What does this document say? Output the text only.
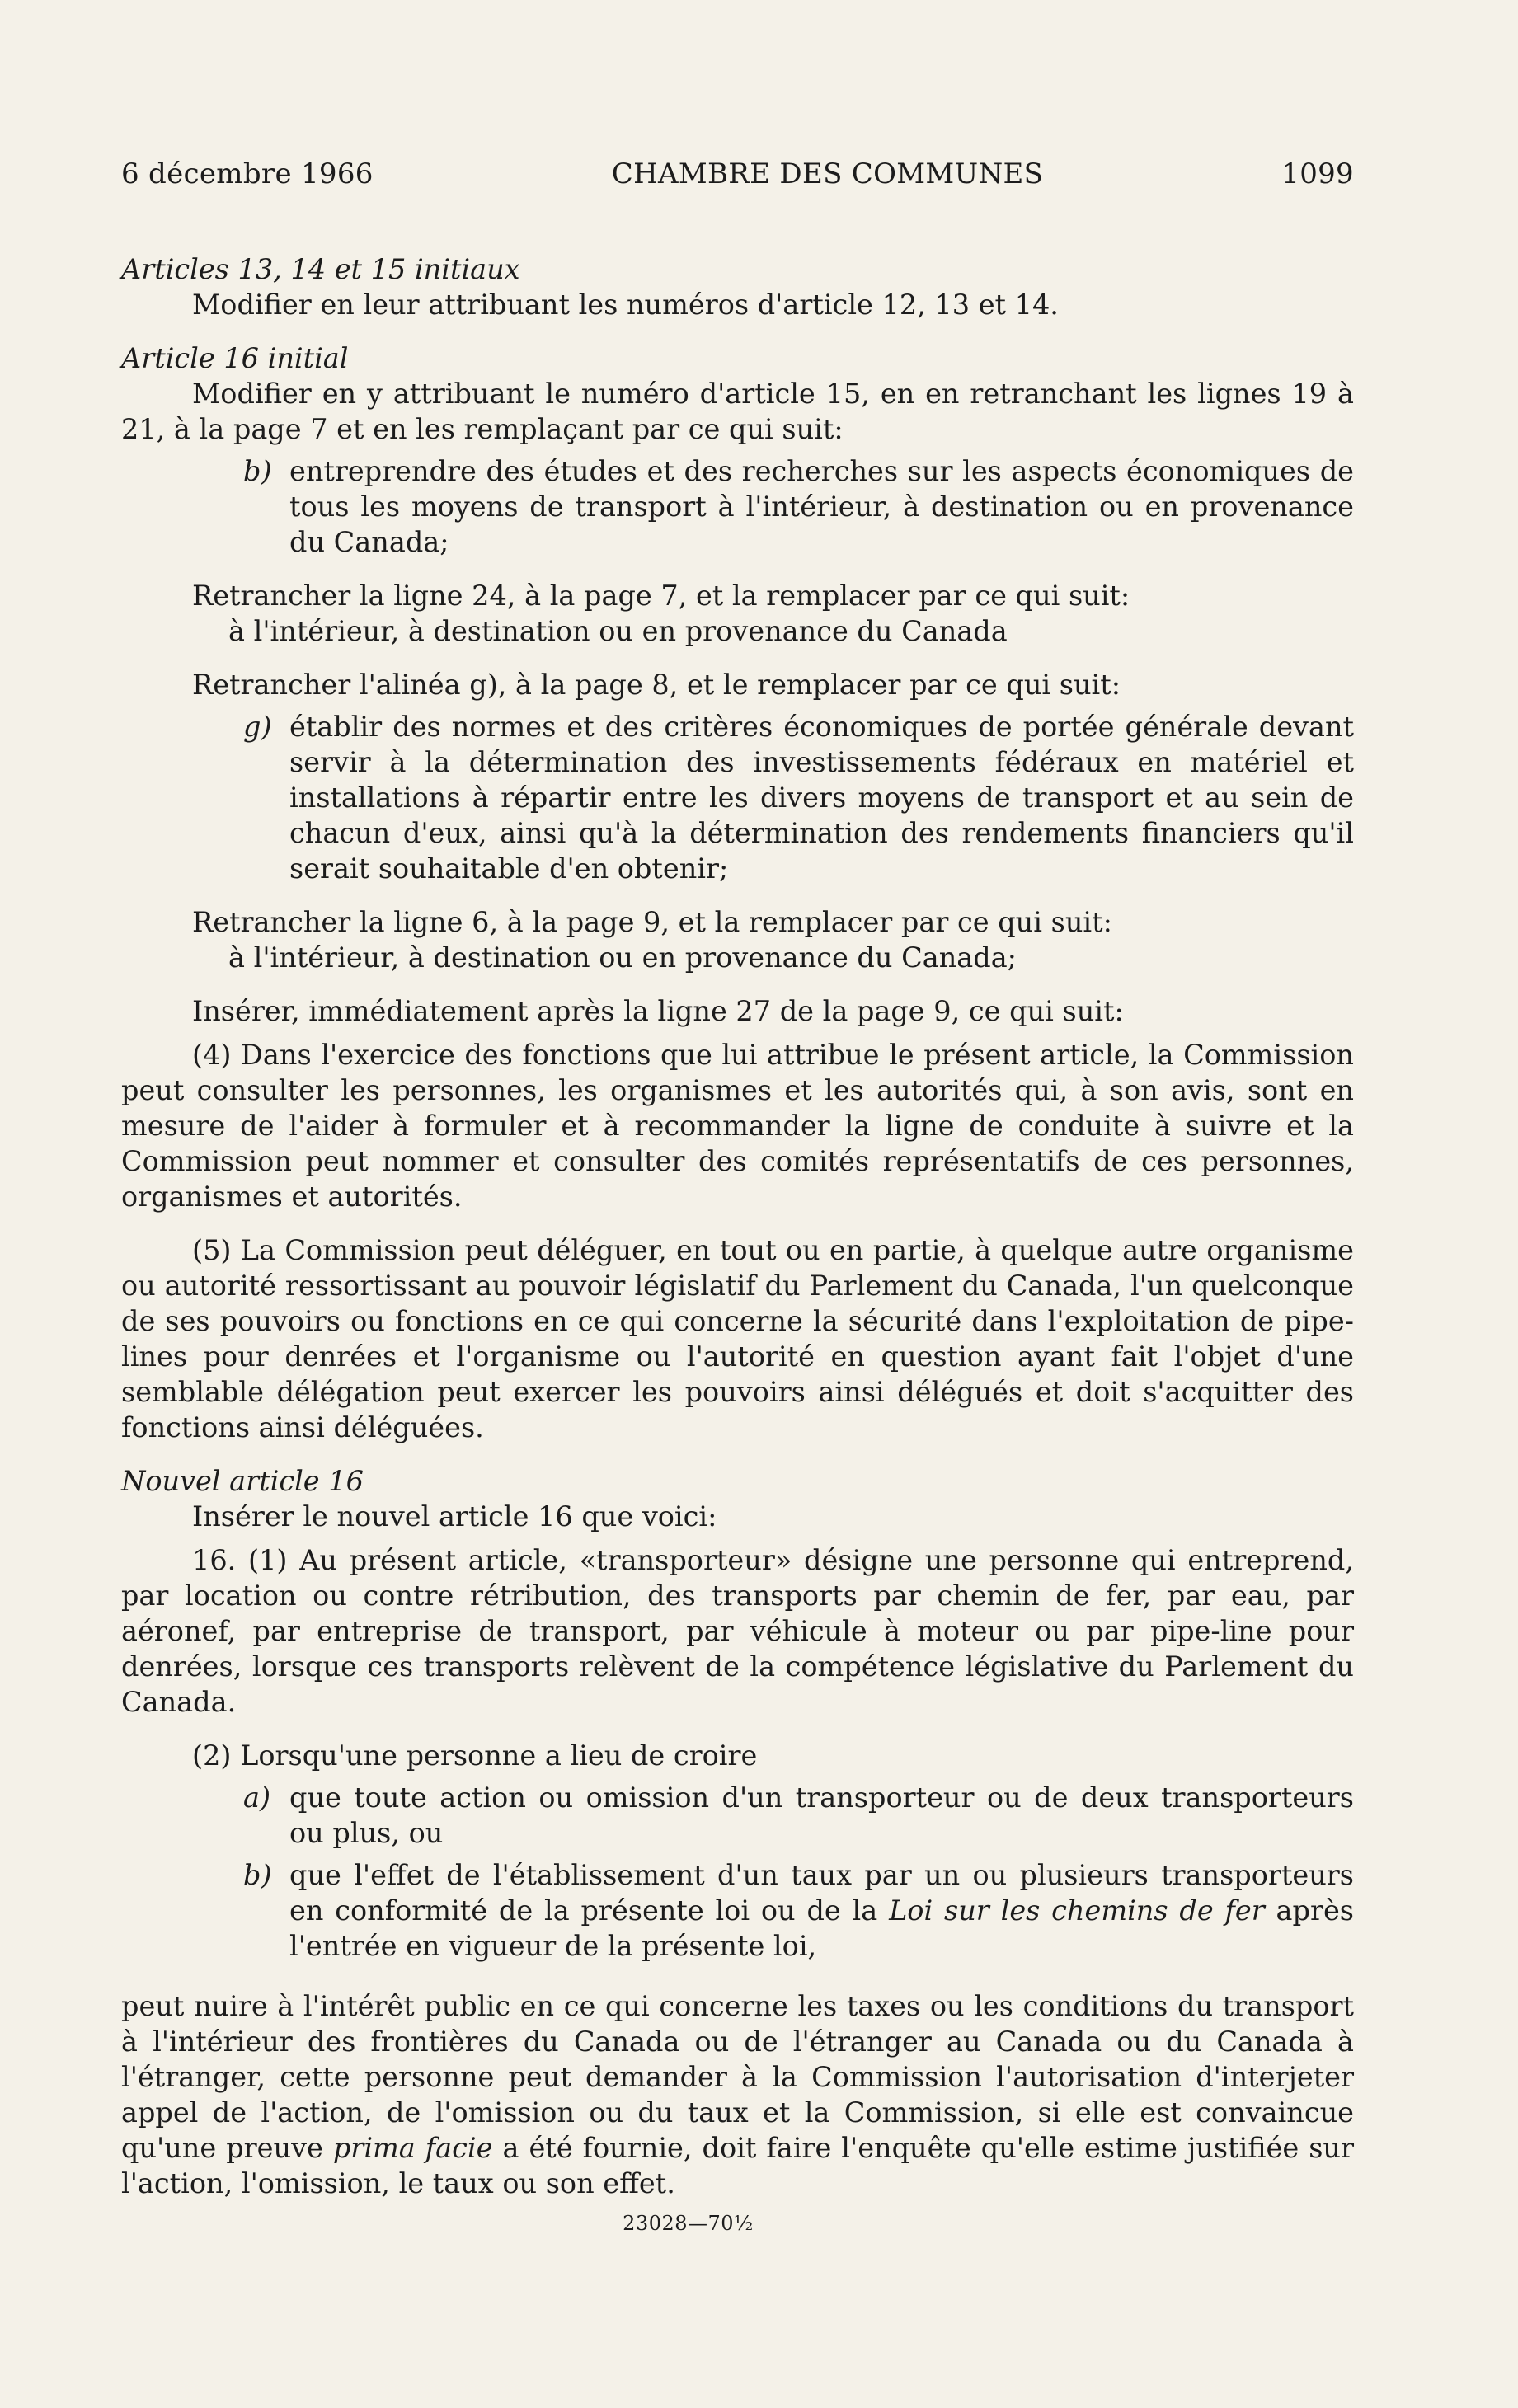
6 décembre 1966	CHAMBRE DES COMMUNES	1099

Articles 13, 14 et 15 initiaux

Modifier en leur attribuant les numéros d'article 12, 13 et 14.

Article 16 initial

Modifier en y attribuant le numéro d'article 15, en en retranchant les lignes 19 à 21, à la page 7 et en les remplaçant par ce qui suit:

b) entreprendre des études et des recherches sur les aspects économiques de tous les moyens de transport à l'intérieur, à destination ou en provenance du Canada;

Retrancher la ligne 24, à la page 7, et la remplacer par ce qui suit:

à l'intérieur, à destination ou en provenance du Canada

Retrancher l'alinéa g), à la page 8, et le remplacer par ce qui suit:

g) établir des normes et des critères économiques de portée générale devant servir à la détermination des investissements fédéraux en matériel et installations à répartir entre les divers moyens de transport et au sein de chacun d'eux, ainsi qu'à la détermination des rendements financiers qu'il serait souhaitable d'en obtenir;

Retrancher la ligne 6, à la page 9, et la remplacer par ce qui suit:

à l'intérieur, à destination ou en provenance du Canada;

Insérer, immédiatement après la ligne 27 de la page 9, ce qui suit:

(4) Dans l'exercice des fonctions que lui attribue le présent article, la Commission peut consulter les personnes, les organismes et les autorités qui, à son avis, sont en mesure de l'aider à formuler et à recommander la ligne de conduite à suivre et la Commission peut nommer et consulter des comités représentatifs de ces personnes, organismes et autorités.

(5) La Commission peut déléguer, en tout ou en partie, à quelque autre organisme ou autorité ressortissant au pouvoir législatif du Parlement du Canada, l'un quelconque de ses pouvoirs ou fonctions en ce qui concerne la sécurité dans l'exploitation de pipe-lines pour denrées et l'organisme ou l'autorité en question ayant fait l'objet d'une semblable délégation peut exercer les pouvoirs ainsi délégués et doit s'acquitter des fonctions ainsi déléguées.

Nouvel article 16

Insérer le nouvel article 16 que voici:

16. (1) Au présent article, «transporteur» désigne une personne qui entreprend, par location ou contre rétribution, des transports par chemin de fer, par eau, par aéronef, par entreprise de transport, par véhicule à moteur ou par pipe-line pour denrées, lorsque ces transports relèvent de la compétence législative du Parlement du Canada.

(2) Lorsqu'une personne a lieu de croire

a) que toute action ou omission d'un transporteur ou de deux transporteurs ou plus, ou
b) que l'effet de l'établissement d'un taux par un ou plusieurs transporteurs en conformité de la présente loi ou de la Loi sur les chemins de fer après l'entrée en vigueur de la présente loi,

peut nuire à l'intérêt public en ce qui concerne les taxes ou les conditions du transport à l'intérieur des frontières du Canada ou de l'étranger au Canada ou du Canada à l'étranger, cette personne peut demander à la Commission l'autorisation d'interjeter appel de l'action, de l'omission ou du taux et la Commission, si elle est convaincue qu'une preuve prima facie a été fournie, doit faire l'enquête qu'elle estime justifiée sur l'action, l'omission, le taux ou son effet.

23028—70½
